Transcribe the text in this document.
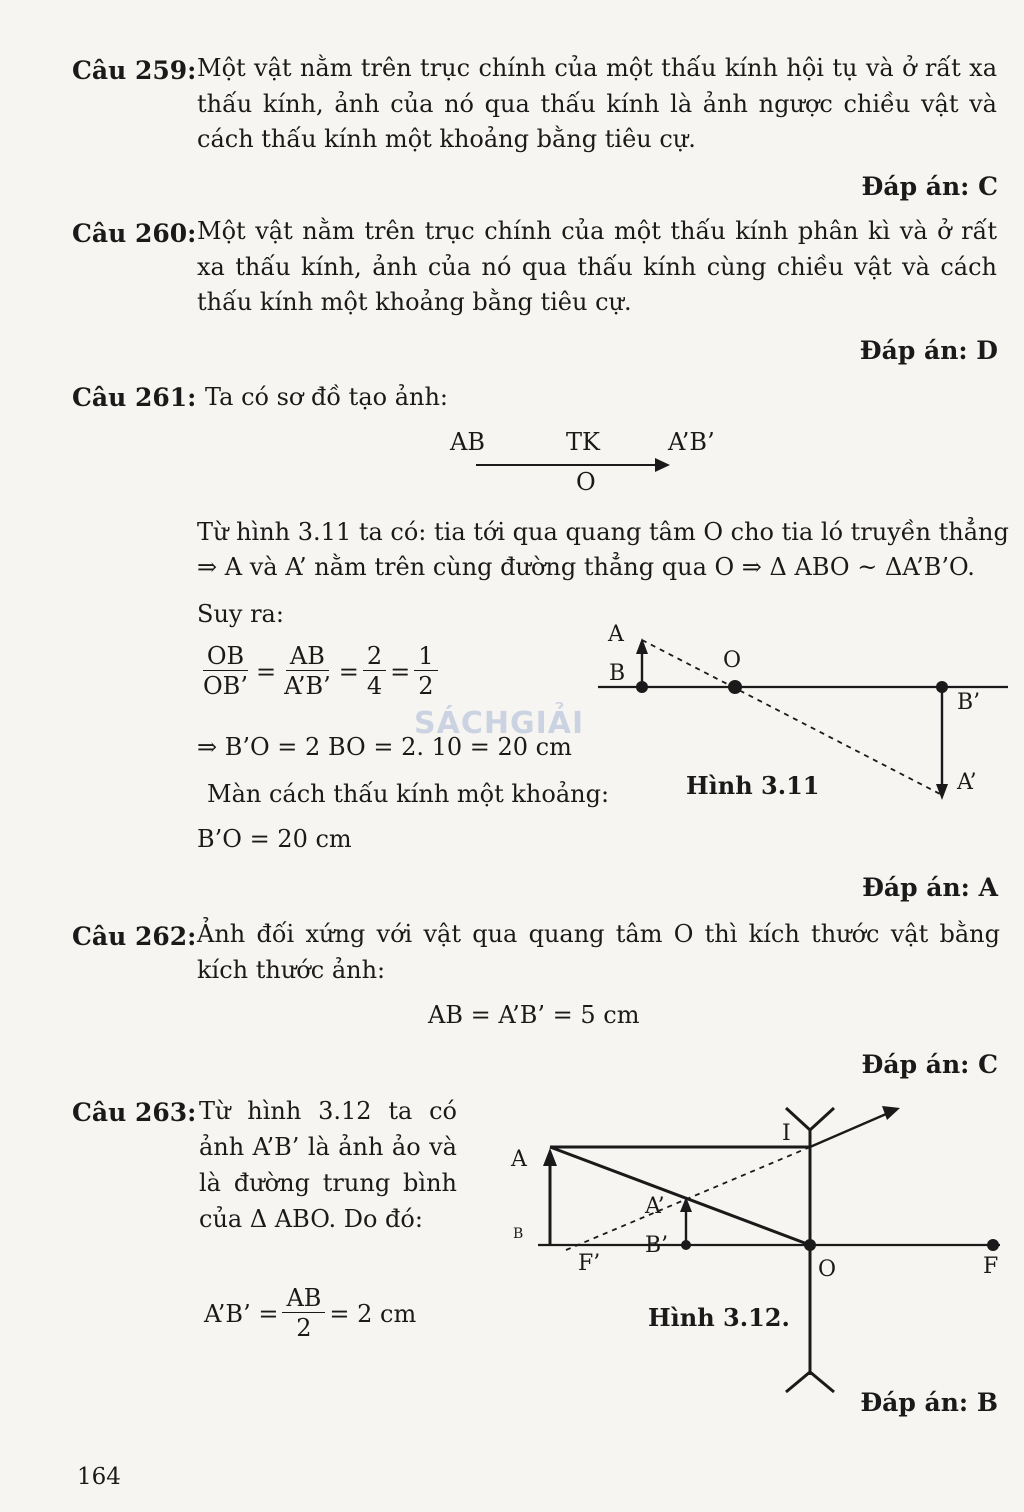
Câu 259: Một vật nằm trên trục chính của một thấu kính hội tụ và ở rất xa thấu kính, ảnh của nó qua thấu kính là ảnh ngược chiều vật và cách thấu kính một khoảng bằng tiêu cự.
Đáp án: C
Câu 260: Một vật nằm trên trục chính của một thấu kính phân kì và ở rất xa thấu kính, ảnh của nó qua thấu kính cùng chiều vật và cách thấu kính một khoảng bằng tiêu cự.
Đáp án: D
Câu 261: Ta có sơ đồ tạo ảnh:
AB	TK	A’B’
O
Từ hình 3.11 ta có: tia tới qua quang tâm O cho tia ló truyền thẳng
⇒ A và A’ nằm trên cùng đường thẳng qua O ⇒ Δ ABO ~ ΔA’B’O.
Suy ra:
$\frac{OB}{OB’} = \frac{AB}{A’B’} = \frac{2}{4} = \frac{1}{2}$
⇒ B’O = 2 BO = 2. 10 = 20 cm
Màn cách thấu kính một khoảng:
B’O = 20 cm
Đáp án: A
A
B
O
B’
A’
Hình 3.11
Câu 262: Ảnh đối xứng với vật qua quang tâm O thì kích thước vật bằng kích thước ảnh:
AB = A’B’ = 5 cm
Đáp án: C
Câu 263: Từ hình 3.12 ta có ảnh A’B’ là ảnh ảo và là đường trung bình của Δ ABO. Do đó:
A’B’ = $\frac{AB}{2} = 2$ cm
Đáp án: B
A
B
I
A’
B’
F’	O	F
Hình 3.12.
SÁCHGIẢI
164
